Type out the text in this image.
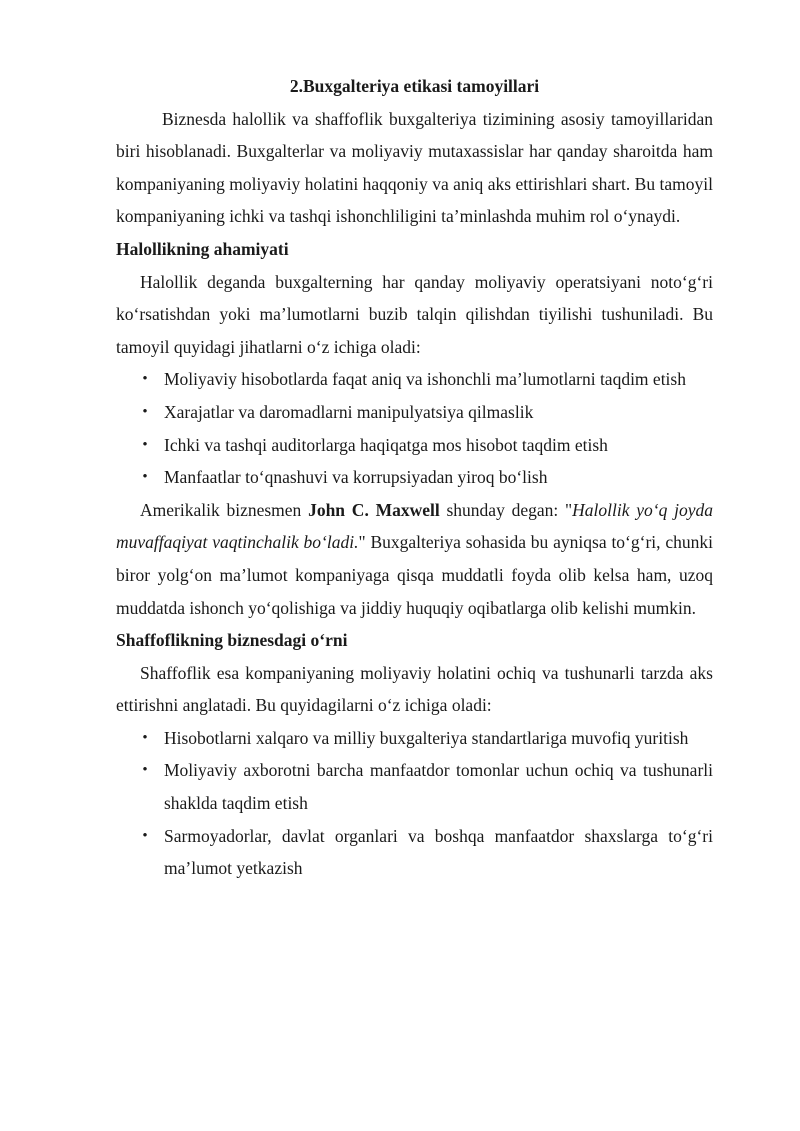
2.Buxgalteriya etikasi tamoyillari

Biznesda halollik va shaffoflik buxgalteriya tizimining asosiy tamoyillaridan biri hisoblanadi. Buxgalterlar va moliyaviy mutaxassislar har qanday sharoitda ham kompaniyaning moliyaviy holatini haqqoniy va aniq aks ettirishlari shart. Bu tamoyil kompaniyaning ichki va tashqi ishonchliligini ta’minlashda muhim rol o‘ynaydi.

Halollikning ahamiyati

Halollik deganda buxgalterning har qanday moliyaviy operatsiyani noto‘g‘ri ko‘rsatishdan yoki ma’lumotlarni buzib talqin qilishdan tiyilishi tushuniladi. Bu tamoyil quyidagi jihatlarni o‘z ichiga oladi:

• Moliyaviy hisobotlarda faqat aniq va ishonchli ma’lumotlarni taqdim etish
• Xarajatlar va daromadlarni manipulyatsiya qilmaslik
• Ichki va tashqi auditorlarga haqiqatga mos hisobot taqdim etish
• Manfaatlar to‘qnashuvi va korrupsiyadan yiroq bo‘lish

Amerikalik biznesmen John C. Maxwell shunday degan: "Halollik yo‘q joyda muvaffaqiyat vaqtinchalik bo‘ladi." Buxgalteriya sohasida bu ayniqsa to‘g‘ri, chunki biror yolg‘on ma’lumot kompaniyaga qisqa muddatli foyda olib kelsa ham, uzoq muddatda ishonch yo‘qolishiga va jiddiy huquqiy oqibatlarga olib kelishi mumkin.

Shaffoflikning biznesdagi o‘rni

Shaffoflik esa kompaniyaning moliyaviy holatini ochiq va tushunarli tarzda aks ettirishni anglatadi. Bu quyidagilarni o‘z ichiga oladi:

• Hisobotlarni xalqaro va milliy buxgalteriya standartlariga muvofiq yuritish
• Moliyaviy axborotni barcha manfaatdor tomonlar uchun ochiq va tushunarli shaklda taqdim etish
• Sarmoyadorlar, davlat organlari va boshqa manfaatdor shaxslarga to‘g‘ri ma’lumot yetkazish
